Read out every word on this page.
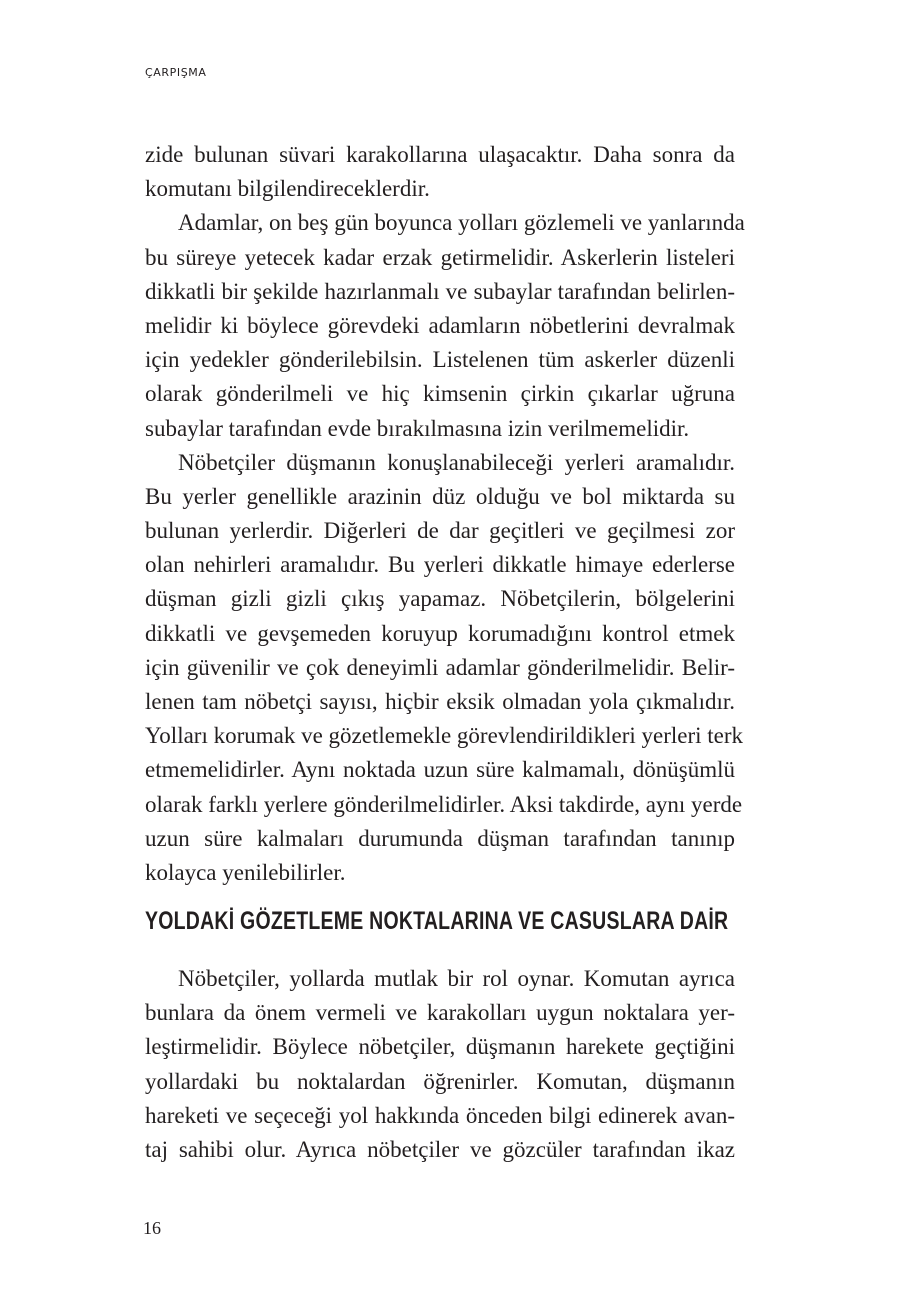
ÇARPIŞMA

zide bulunan süvari karakollarına ulaşacaktır. Daha sonra da
komutanı bilgilendireceklerdir.

Adamlar, on beş gün boyunca yolları gözlemeli ve yanlarında
bu süreye yetecek kadar erzak getirmelidir. Askerlerin listeleri
dikkatli bir şekilde hazırlanmalı ve subaylar tarafından belirlen-
melidir ki böylece görevdeki adamların nöbetlerini devralmak
için yedekler gönderilebilsin. Listelenen tüm askerler düzenli
olarak gönderilmeli ve hiç kimsenin çirkin çıkarlar uğruna
subaylar tarafından evde bırakılmasına izin verilmemelidir.

Nöbetçiler düşmanın konuşlanabileceği yerleri aramalıdır.
Bu yerler genellikle arazinin düz olduğu ve bol miktarda su
bulunan yerlerdir. Diğerleri de dar geçitleri ve geçilmesi zor
olan nehirleri aramalıdır. Bu yerleri dikkatle himaye ederlerse
düşman gizli gizli çıkış yapamaz. Nöbetçilerin, bölgelerini
dikkatli ve gevşemeden koruyup korumadığını kontrol etmek
için güvenilir ve çok deneyimli adamlar gönderilmelidir. Belir-
lenen tam nöbetçi sayısı, hiçbir eksik olmadan yola çıkmalıdır.
Yolları korumak ve gözetlemekle görevlendirildikleri yerleri terk
etmemelidirler. Aynı noktada uzun süre kalmamalı, dönüşümlü
olarak farklı yerlere gönderilmelidirler. Aksi takdirde, aynı yerde
uzun süre kalmaları durumunda düşman tarafından tanınıp
kolayca yenilebilirler.

YOLDAKİ GÖZETLEME NOKTALARINA VE CASUSLARA DAİR

Nöbetçiler, yollarda mutlak bir rol oynar. Komutan ayrıca
bunlara da önem vermeli ve karakolları uygun noktalara yer-
leştirmelidir. Böylece nöbetçiler, düşmanın harekete geçtiğini
yollardaki bu noktalardan öğrenirler. Komutan, düşmanın
hareketi ve seçeceği yol hakkında önceden bilgi edinerek avan-
taj sahibi olur. Ayrıca nöbetçiler ve gözcüler tarafından ikaz

16
